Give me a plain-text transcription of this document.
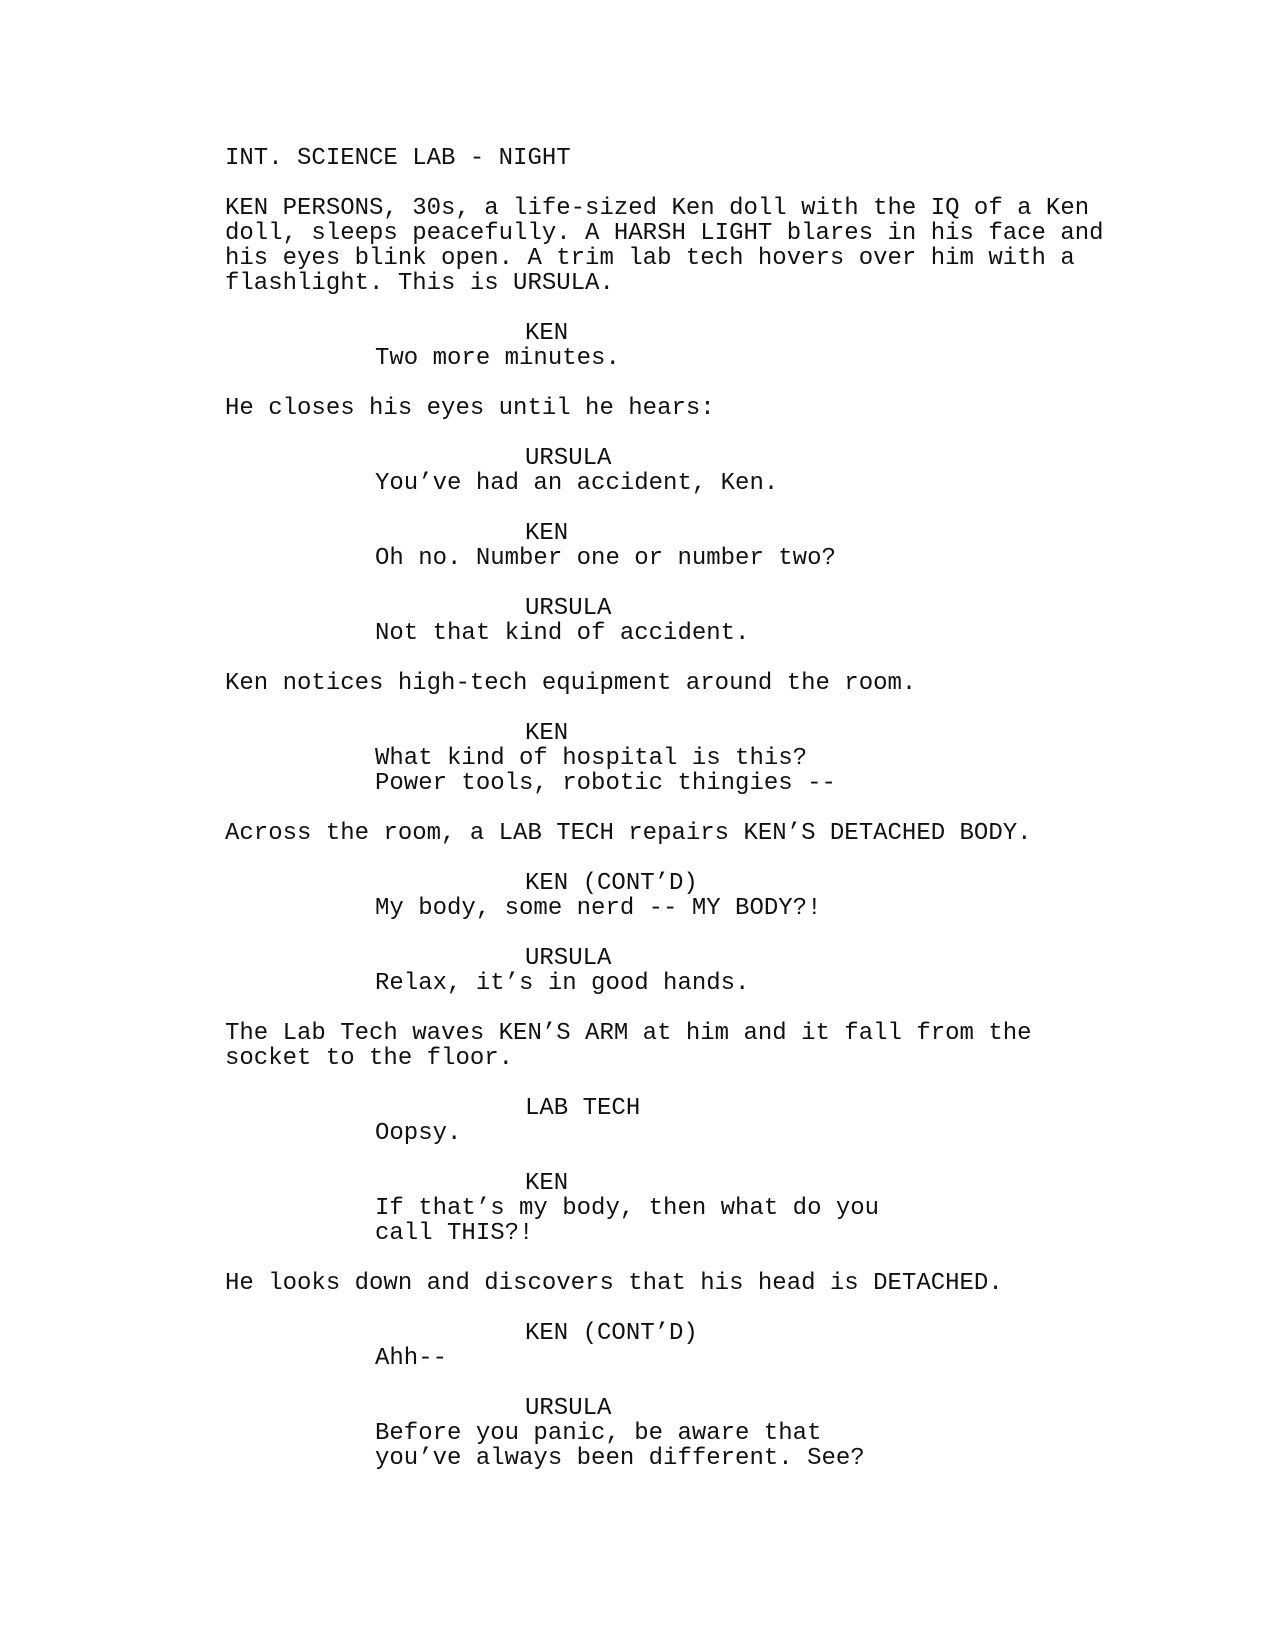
INT. SCIENCE LAB - NIGHT
KEN PERSONS, 30s, a life-sized Ken doll with the IQ of a Ken
doll, sleeps peacefully. A HARSH LIGHT blares in his face and
his eyes blink open. A trim lab tech hovers over him with a
flashlight. This is URSULA.
KEN
Two more minutes.
He closes his eyes until he hears:
URSULA
You’ve had an accident, Ken.
KEN
Oh no. Number one or number two?
URSULA
Not that kind of accident.
Ken notices high-tech equipment around the room.
KEN
What kind of hospital is this?
Power tools, robotic thingies --
Across the room, a LAB TECH repairs KEN’S DETACHED BODY.
KEN (CONT’D)
My body, some nerd -- MY BODY?!
URSULA
Relax, it’s in good hands.
The Lab Tech waves KEN’S ARM at him and it fall from the
socket to the floor.
LAB TECH
Oopsy.
KEN
If that’s my body, then what do you
call THIS?!
He looks down and discovers that his head is DETACHED.
KEN (CONT’D)
Ahh--
URSULA
Before you panic, be aware that
you’ve always been different. See?
